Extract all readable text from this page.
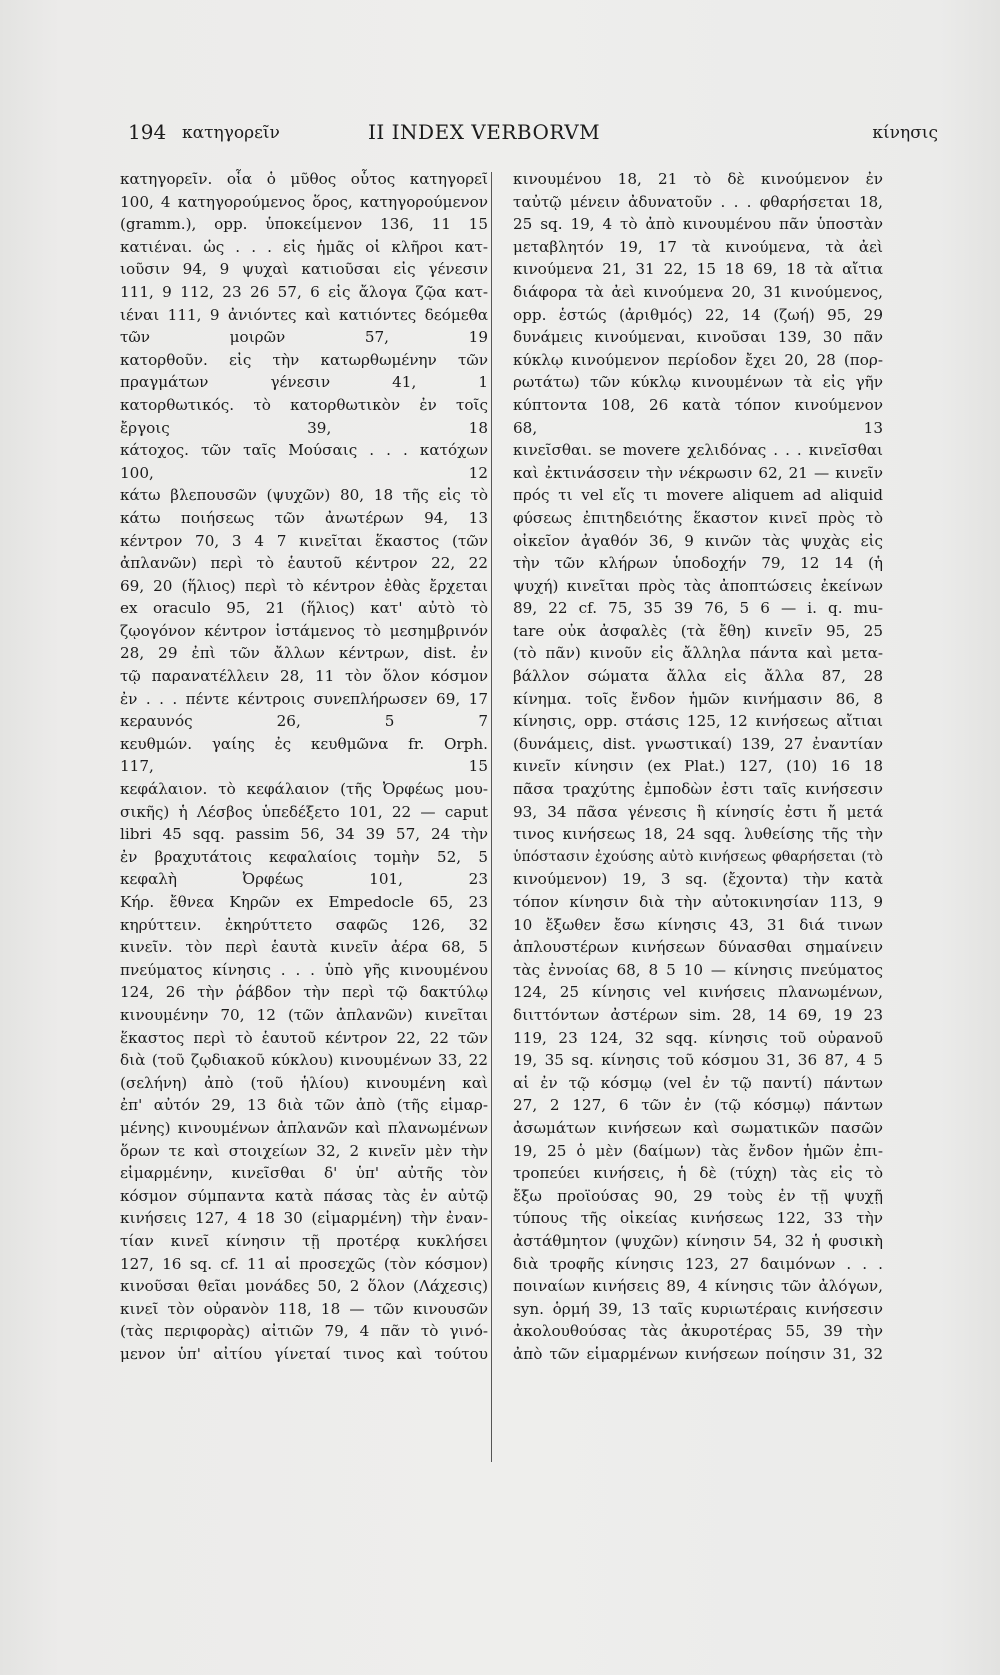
194 κατηγορεῖν	II INDEX VERBORVM	κίνησις
κατηγορεῖν. οἷα ὁ μῦθος οὗτος κατηγορεῖ
100, 4 κατηγορούμενος ὅρος, κατηγορούμενον
(gramm.), opp. ὑποκείμενον 136, 11 15
κατιέναι. ὡς . . . εἰς ἡμᾶς οἱ κλῆροι κατ-
ιοῦσιν 94, 9 ψυχαὶ κατιοῦσαι εἰς γένεσιν
111, 9 112, 23 26 57, 6 εἰς ἄλογα ζῷα κατ-
ιέναι 111, 9 ἀνιόντες καὶ κατιόντες δεόμεθα
τῶν μοιρῶν 57, 19
κατορθοῦν. εἰς τὴν κατωρθωμένην τῶν
πραγμάτων γένεσιν 41, 1
κατορθωτικός. τὸ κατορθωτικὸν ἐν τοῖς
ἔργοις 39, 18
κάτοχος. τῶν ταῖς Μούσαις . . . κατόχων
100, 12
κάτω βλεπουσῶν (ψυχῶν) 80, 18 τῆς εἰς τὸ
κάτω ποιήσεως τῶν ἀνωτέρων 94, 13
κέντρον 70, 3 4 7 κινεῖται ἕκαστος (τῶν
ἀπλανῶν) περὶ τὸ ἑαυτοῦ κέντρον 22, 22
69, 20 (ἥλιος) περὶ τὸ κέντρον ἐθὰς ἔρχεται
ex oraculo 95, 21 (ἥλιος) κατ' αὐτὸ τὸ
ζῳογόνον κέντρον ἱστάμενος τὸ μεσημβρινόν
28, 29 ἐπὶ τῶν ἄλλων κέντρων, dist. ἐν
τῷ παρανατέλλειν 28, 11 τὸν ὅλον κόσμον
ἐν . . . πέντε κέντροις συνεπλήρωσεν 69, 17
κεραυνός 26, 5 7
κευθμών. γαίης ἐς κευθμῶνα fr. Orph.
117, 15
κεφάλαιον. τὸ κεφάλαιον (τῆς Ὀρφέως μου-
σικῆς) ἡ Λέσβος ὑπεδέξετο 101, 22 — caput
libri 45 sqq. passim 56, 34 39 57, 24 τὴν
ἐν βραχυτάτοις κεφαλαίοις τομὴν 52, 5
κεφαλὴ Ὀρφέως 101, 23
Κήρ. ἔθνεα Κηρῶν ex Empedocle 65, 23
κηρύττειν. ἐκηρύττετο σαφῶς 126, 32
κινεῖν. τὸν περὶ ἑαυτὰ κινεῖν ἀέρα 68, 5
πνεύματος κίνησις . . . ὑπὸ γῆς κινουμένου
124, 26 τὴν ῥάβδον τὴν περὶ τῷ δακτύλῳ
κινουμένην 70, 12 (τῶν ἀπλανῶν) κινεῖται
ἕκαστος περὶ τὸ ἑαυτοῦ κέντρον 22, 22 τῶν
διὰ (τοῦ ζῳδιακοῦ κύκλου) κινουμένων 33, 22
(σελήνη) ἀπὸ (τοῦ ἡλίου) κινουμένη καὶ
ἐπ' αὐτόν 29, 13 διὰ τῶν ἀπὸ (τῆς εἱμαρ-
μένης) κινουμένων ἀπλανῶν καὶ πλανωμένων
ὅρων τε καὶ στοιχείων 32, 2 κινεῖν μὲν τὴν
εἱμαρμένην, κινεῖσθαι δ' ὑπ' αὐτῆς τὸν
κόσμον σύμπαντα κατὰ πάσας τὰς ἐν αὐτῷ
κινήσεις 127, 4 18 30 (εἱμαρμένη) τὴν ἐναν-
τίαν κινεῖ κίνησιν τῇ προτέρᾳ κυκλήσει
127, 16 sq. cf. 11 αἱ προσεχῶς (τὸν κόσμον)
κινοῦσαι θεῖαι μονάδες 50, 2 ὅλον (Λάχεσις)
κινεῖ τὸν οὐρανὸν 118, 18 — τῶν κινουσῶν
(τὰς περιφορὰς) αἰτιῶν 79, 4 πᾶν τὸ γινό-
μενον ὑπ' αἰτίου γίνεταί τινος καὶ τούτου
κινουμένου 18, 21 τὸ δὲ κινούμενον ἐν
ταὐτῷ μένειν ἀδυνατοῦν . . . φθαρήσεται 18,
25 sq. 19, 4 τὸ ἀπὸ κινουμένου πᾶν ὑποστὰν
μεταβλητόν 19, 17 τὰ κινούμενα, τὰ ἀεὶ
κινούμενα 21, 31 22, 15 18 69, 18 τὰ αἴτια
διάφορα τὰ ἀεὶ κινούμενα 20, 31 κινούμενος,
opp. ἑστώς (ἀριθμός) 22, 14 (ζωή) 95, 29
δυνάμεις κινούμεναι, κινοῦσαι 139, 30 πᾶν
κύκλῳ κινούμενον περίοδον ἔχει 20, 28 (πορ-
ρωτάτω) τῶν κύκλῳ κινουμένων τὰ εἰς γῆν
κύπτοντα 108, 26 κατὰ τόπον κινούμενον
68, 13
κινεῖσθαι. se movere χελιδόνας . . . κινεῖσθαι
καὶ ἐκτινάσσειν τὴν νέκρωσιν 62, 21 — κινεῖν
πρός τι vel εἴς τι movere aliquem ad aliquid
φύσεως ἐπιτηδειότης ἕκαστον κινεῖ πρὸς τὸ
οἰκεῖον ἀγαθόν 36, 9 κινῶν τὰς ψυχὰς εἰς
τὴν τῶν κλήρων ὑποδοχήν 79, 12 14 (ἡ
ψυχή) κινεῖται πρὸς τὰς ἀποπτώσεις ἐκείνων
89, 22 cf. 75, 35 39 76, 5 6 — i. q. mu-
tare οὐκ ἀσφαλὲς (τὰ ἔθη) κινεῖν 95, 25
(τὸ πᾶν) κινοῦν εἰς ἄλληλα πάντα καὶ μετα-
βάλλον σώματα ἄλλα εἰς ἄλλα 87, 28
κίνημα. τοῖς ἔνδον ἡμῶν κινήμασιν 86, 8
κίνησις, opp. στάσις 125, 12 κινήσεως αἴτιαι
(δυνάμεις, dist. γνωστικαί) 139, 27 ἐναντίαν
κινεῖν κίνησιν (ex Plat.) 127, (10) 16 18
πᾶσα τραχύτης ἐμποδὼν ἐστι ταῖς κινήσεσιν
93, 34 πᾶσα γένεσις ἢ κίνησίς ἐστι ἤ μετά
τινος κινήσεως 18, 24 sqq. λυθείσης τῆς τὴν
ὑπόστασιν ἐχούσης αὐτὸ κινήσεως φθαρήσεται (τὸ
κινούμενον) 19, 3 sq. (ἔχοντα) τὴν κατὰ
τόπον κίνησιν διὰ τὴν αὐτοκινησίαν 113, 9
10 ἔξωθεν ἔσω κίνησις 43, 31 διά τινων
ἀπλουστέρων κινήσεων δύνασθαι σημαίνειν
τὰς ἐννοίας 68, 8 5 10 — κίνησις πνεύματος
124, 25 κίνησις vel κινήσεις πλανωμένων,
διιττόντων ἀστέρων sim. 28, 14 69, 19 23
119, 23 124, 32 sqq. κίνησις τοῦ οὐρανοῦ
19, 35 sq. κίνησις τοῦ κόσμου 31, 36 87, 4 5
αἱ ἐν τῷ κόσμῳ (vel ἐν τῷ παντί) πάντων
27, 2 127, 6 τῶν ἐν (τῷ κόσμῳ) πάντων
ἀσωμάτων κινήσεων καὶ σωματικῶν πασῶν
19, 25 ὁ μὲν (δαίμων) τὰς ἔνδον ἡμῶν ἐπι-
τροπεύει κινήσεις, ἡ δὲ (τύχη) τὰς εἰς τὸ
ἔξω προϊούσας 90, 29 τοὺς ἐν τῇ ψυχῇ
τύπους τῆς οἰκείας κινήσεως 122, 33 τὴν
ἀστάθμητον (ψυχῶν) κίνησιν 54, 32 ἡ φυσικὴ
διὰ τροφῆς κίνησις 123, 27 δαιμόνων . . .
ποιναίων κινήσεις 89, 4 κίνησις τῶν ἀλόγων,
syn. ὁρμή 39, 13 ταῖς κυριωτέραις κινήσεσιν
ἀκολουθούσας τὰς ἀκυροτέρας 55, 39 τὴν
ἀπὸ τῶν εἱμαρμένων κινήσεων ποίησιν 31, 32
